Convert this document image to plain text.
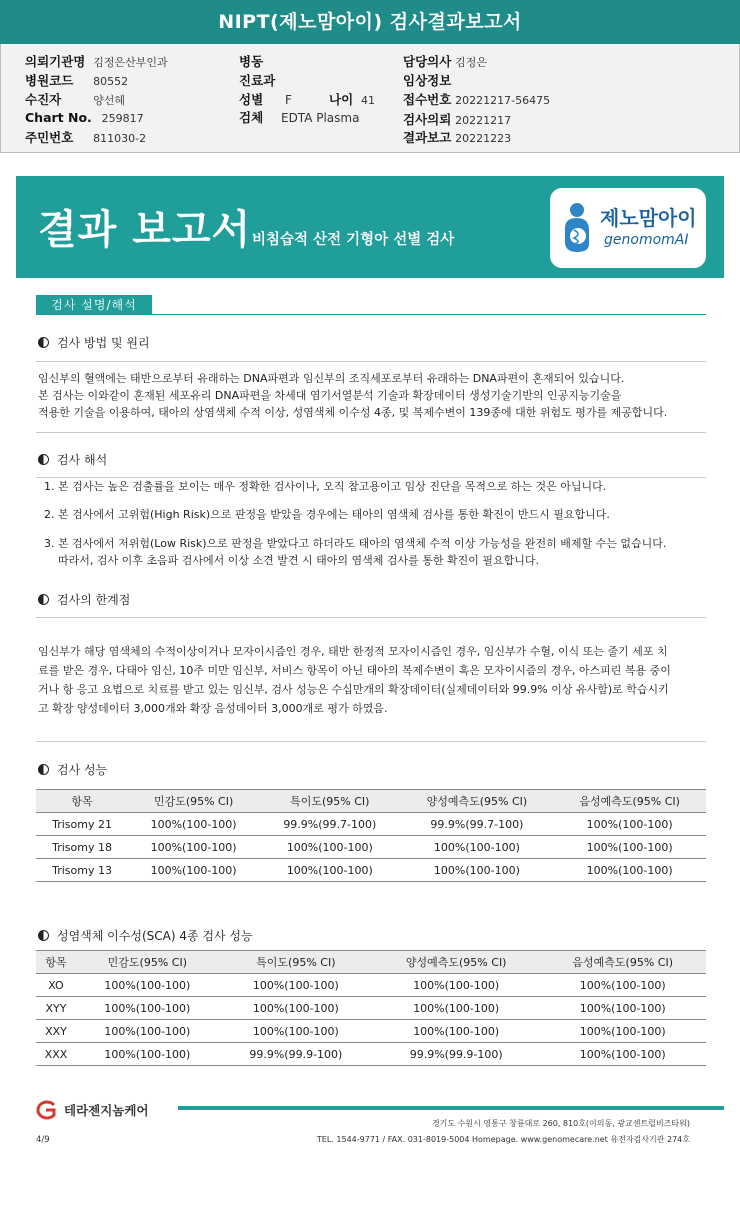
NIPT(제노맘아이) 검사결과보고서
의뢰기관명 김정은산부인과
병원코드 80552
수진자	양선혜
Chart No. 259817
주민번호 811030-2
병동
진료과
성별 F	나이 41
검체 EDTA Plasma
담당의사 김정은
임상정보
접수번호 20221217-56475
검사의뢰 20221217
결과보고 20221223
결과 보고서 비침습적 산전 기형아 선별 검사
제노맘아이
genomomAI
검사 설명/해석
검사 방법 및 원리
임신부의 혈액에는 태반으로부터 유래하는 DNA파편과 임신부의 조직세포로부터 유래하는 DNA파편이 혼재되어 있습니다.
본 검사는 이와같이 혼재된 세포유리 DNA파편을 차세대 염기서열분석 기술과 확장데이터 생성기술기반의 인공지능기술을
적용한 기술을 이용하여, 태아의 상염색체 수적 이상, 성염색체 이수성 4종, 및 복제수변이 139종에 대한 위험도 평가를 제공합니다.
검사 해석
1. 본 검사는 높은 검출률을 보이는 매우 정확한 검사이나, 오직 참고용이고 임상 진단을 목적으로 하는 것은 아닙니다.
2. 본 검사에서 고위험(High Risk)으로 판정을 받았을 경우에는 태아의 염색체 검사를 통한 확진이 반드시 필요합니다.
3. 본 검사에서 저위험(Low Risk)으로 판정을 받았다고 하더라도 태아의 염색체 수적 이상 가능성을 완전히 배제할 수는 없습니다.
따라서, 검사 이후 초음파 검사에서 이상 소견 발견 시 태아의 염색체 검사를 통한 확진이 필요합니다.
검사의 한계점
임신부가 해당 염색체의 수적이상이거나 모자이시즘인 경우, 태반 한정적 모자이시즘인 경우, 임신부가 수혈, 이식 또는 줄기 세포 치
료를 받은 경우, 다태아 임신, 10주 미만 임신부, 서비스 항목이 아닌 태아의 복제수변이 혹은 모자이시즘의 경우, 아스피린 복용 중이
거나 항 응고 요법으로 치료를 받고 있는 임신부, 검사 성능은 수십만개의 확장데이터(실제데이터와 99.9% 이상 유사함)로 학습시키
고 확장 양성데이터 3,000개와 확장 음성데이터 3,000개로 평가 하였음.
검사 성능
항목	민감도(95% CI)	특이도(95% CI)	양성예측도(95% CI)	음성예측도(95% CI)
Trisomy 21	100%(100-100)	99.9%(99.7-100)	99.9%(99.7-100)	100%(100-100)
Trisomy 18	100%(100-100)	100%(100-100)	100%(100-100)	100%(100-100)
Trisomy 13	100%(100-100)	100%(100-100)	100%(100-100)	100%(100-100)
성염색체 이수성(SCA) 4종 검사 성능
항목	민감도(95% CI)	특이도(95% CI)	양성예측도(95% CI)	음성예측도(95% CI)
XO	100%(100-100)	100%(100-100)	100%(100-100)	100%(100-100)
XYY	100%(100-100)	100%(100-100)	100%(100-100)	100%(100-100)
XXY	100%(100-100)	100%(100-100)	100%(100-100)	100%(100-100)
XXX	100%(100-100)	99.9%(99.9-100)	99.9%(99.9-100)	100%(100-100)
테라젠지놈케어
경기도 수원시 영통구 창룡대로 260, 810호(이의동, 광교센트럴비즈타워)
TEL. 1544-9771 / FAX. 031-8019-5004 Homepage. www.genomecare.net 유전자검사기관 274호
4/9
